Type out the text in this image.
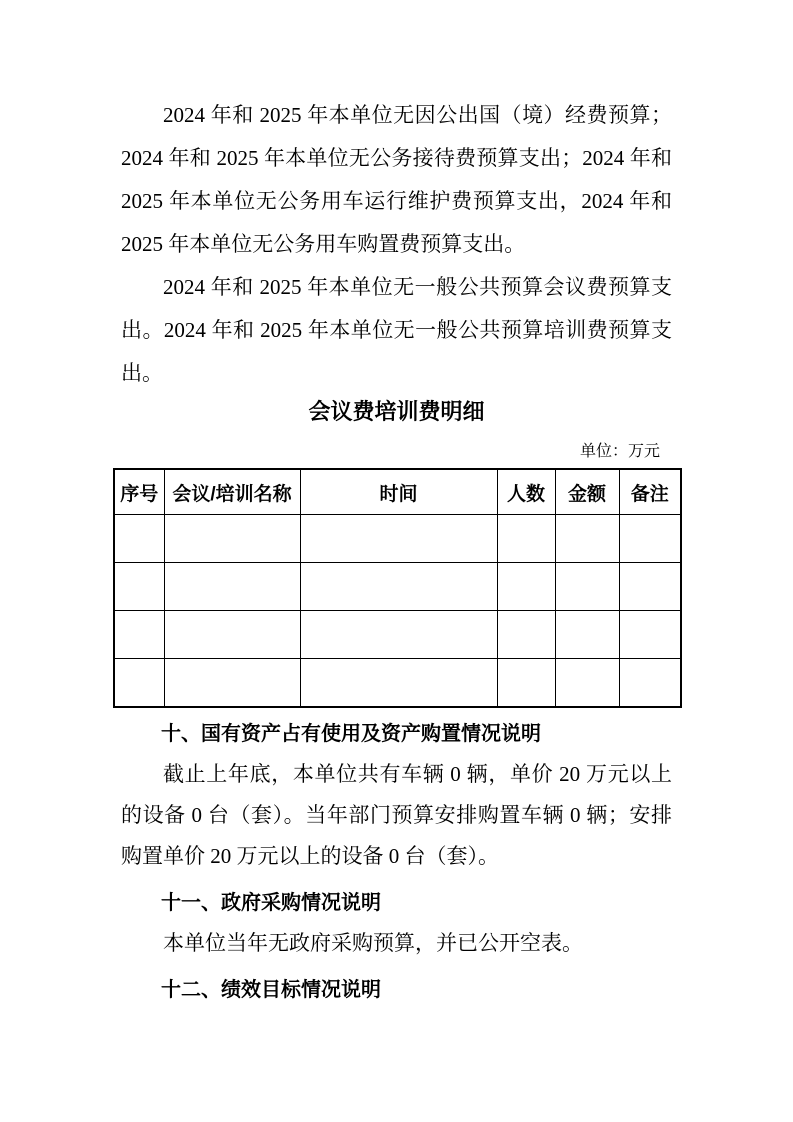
2024 年和 2025 年本单位无因公出国（境）经费预算；2024 年和 2025 年本单位无公务接待费预算支出；2024 年和 2025 年本单位无公务用车运行维护费预算支出，2024 年和 2025 年本单位无公务用车购置费预算支出。

2024 年和 2025 年本单位无一般公共预算会议费预算支出。2024 年和 2025 年本单位无一般公共预算培训费预算支出。

会议费培训费明细
单位：万元
序号	会议/培训名称	时间	人数	金额	备注

十、国有资产占有使用及资产购置情况说明

截止上年底，本单位共有车辆 0 辆，单价 20 万元以上的设备 0 台（套）。当年部门预算安排购置车辆 0 辆；安排购置单价 20 万元以上的设备 0 台（套）。

十一、政府采购情况说明

本单位当年无政府采购预算，并已公开空表。

十二、绩效目标情况说明
